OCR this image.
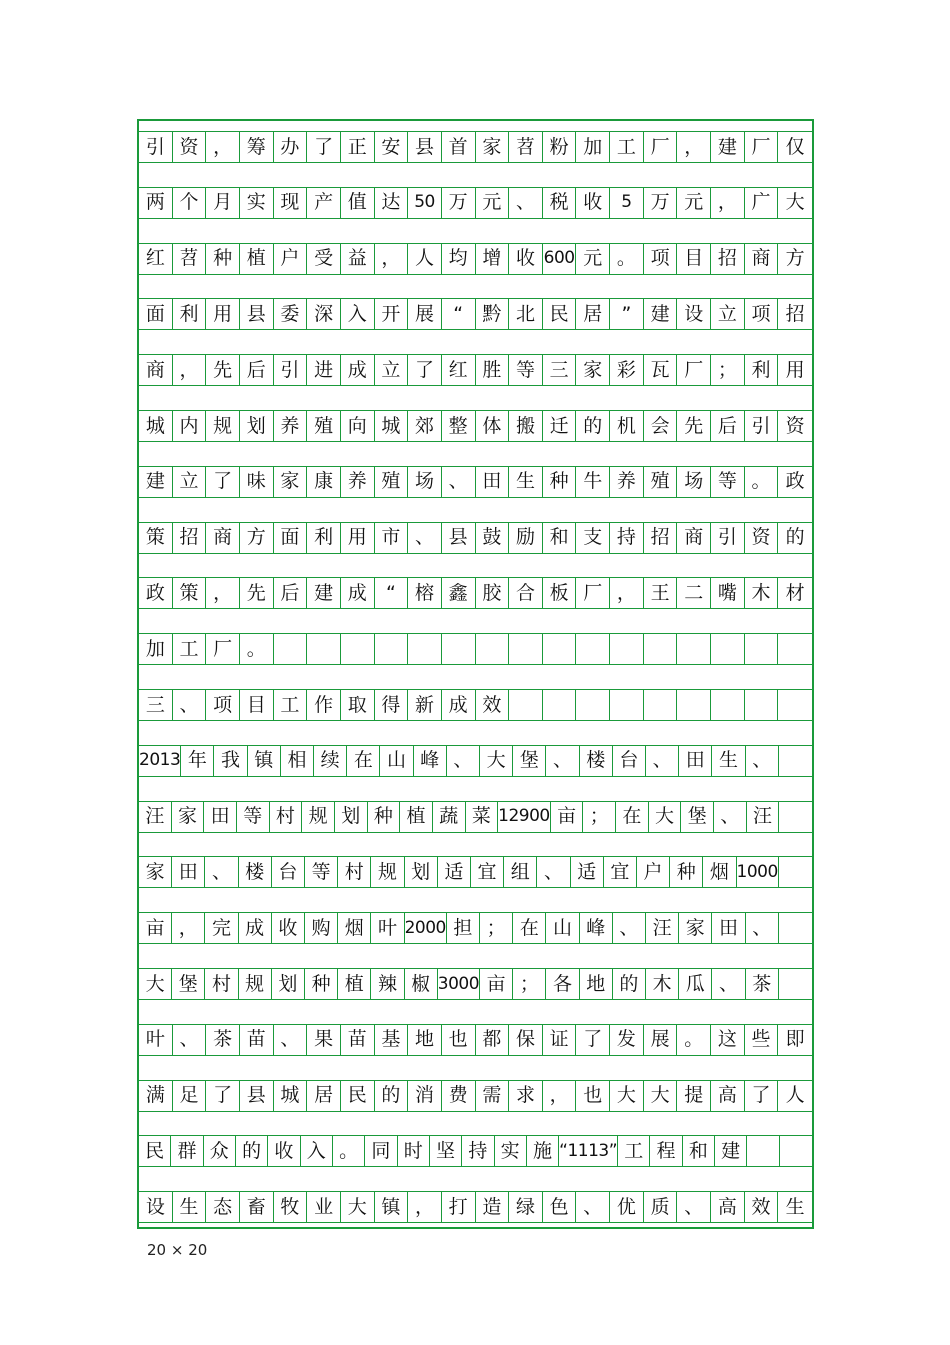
引 资 ， 筹 办 了 正 安 县 首 家 苕 粉 加 工 厂 ， 建 厂 仅
两 个 月 实 现 产 值 达 50 万 元 、 税 收	5 万 元 ， 广 大
红 苕 种 植 户 受 益 ， 人 均 增 收 600 元 。 项 目 招 商 方
面 利 用 县 委 深 入 开 展	“	黔 北 民 居	”	建 设 立 项 招
商 ， 先 后 引 进 成 立 了 红 胜 等 三 家 彩 瓦 厂 ； 利 用
城 内 规 划 养 殖 向 城 郊 整 体 搬 迁 的 机 会 先 后 引 资
建 立 了 味 家 康 养 殖 场 、 田 生 种 牛 养 殖 场 等 。 政
策 招 商 方 面 利 用 市 、 县 鼓 励 和 支 持 招 商 引 资 的
政 策 ， 先 后 建 成	“	榕 鑫 胶 合 板 厂 ， 王 二 嘴 木 材
加 工 厂 。
三 、 项 目 工 作 取 得 新 成 效
2013 年 我 镇 相 续 在 山 峰 、 大 堡 、 楼 台 、 田 生 、
汪 家 田 等 村 规 划 种 植 蔬 菜 12900 亩 ； 在 大 堡 、 汪
家 田 、 楼 台 等 村 规 划 适 宜 组 、 适 宜 户 种 烟 1000
亩 ， 完 成 收 购 烟 叶 2000 担 ； 在 山 峰 、 汪 家 田 、
大 堡 村 规 划 种 植 辣 椒 3000 亩 ； 各 地 的 木 瓜 、 茶
叶 、 茶 苗 、 果 苗 基 地 也 都 保 证 了 发 展 。 这 些 即
满 足 了 县 城 居 民 的 消 费 需 求 ， 也 大 大 提 高 了 人
民 群 众 的 收 入 。 同 时 坚 持 实 施 “1113” 工 程 和 建
设 生 态 畜 牧 业 大 镇 ， 打 造 绿 色 、 优 质 、 高 效 生
20 × 20
